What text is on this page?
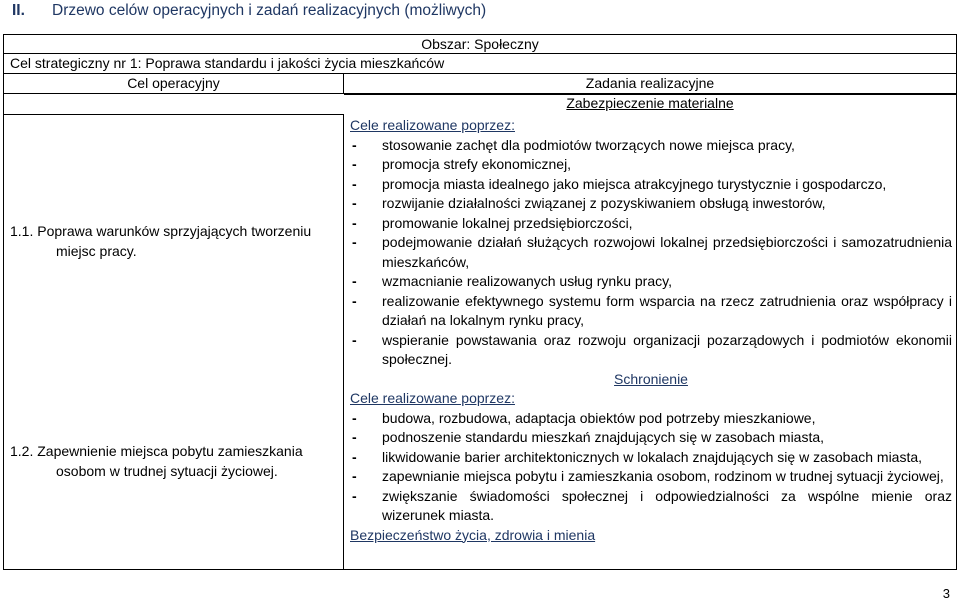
II. Drzewo celów operacyjnych i zadań realizacyjnych (możliwych)
Obszar: Społeczny
Cel strategiczny nr 1: Poprawa standardu i jakości życia mieszkańców
Cel operacyjny	Zadania realizacyjne
Zabezpieczenie materialne
1.1. Poprawa warunków sprzyjających tworzeniu
miejsc pracy.
1.2. Zapewnienie miejsca pobytu zamieszkania
osobom w trudnej sytuacji życiowej.
Cele realizowane poprzez:
- stosowanie zachęt dla podmiotów tworzących nowe miejsca pracy,
- promocja strefy ekonomicznej,
- promocja miasta idealnego jako miejsca atrakcyjnego turystycznie i gospodarczo,
- rozwijanie działalności związanej z pozyskiwaniem obsługą inwestorów,
- promowanie lokalnej przedsiębiorczości,
- podejmowanie działań służących rozwojowi lokalnej przedsiębiorczości i samozatrudnienia mieszkańców,
- wzmacnianie realizowanych usług rynku pracy,
- realizowanie efektywnego systemu form wsparcia na rzecz zatrudnienia oraz współpracy i działań na lokalnym rynku pracy,
- wspieranie powstawania oraz rozwoju organizacji pozarządowych i podmiotów ekonomii społecznej.
Schronienie
Cele realizowane poprzez:
- budowa, rozbudowa, adaptacja obiektów pod potrzeby mieszkaniowe,
- podnoszenie standardu mieszkań znajdujących się w zasobach miasta,
- likwidowanie barier architektonicznych w lokalach znajdujących się w zasobach miasta,
- zapewnianie miejsca pobytu i zamieszkania osobom, rodzinom w trudnej sytuacji życiowej,
- zwiększanie świadomości społecznej i odpowiedzialności za wspólne mienie oraz wizerunek miasta.
Bezpieczeństwo życia, zdrowia i mienia
3
